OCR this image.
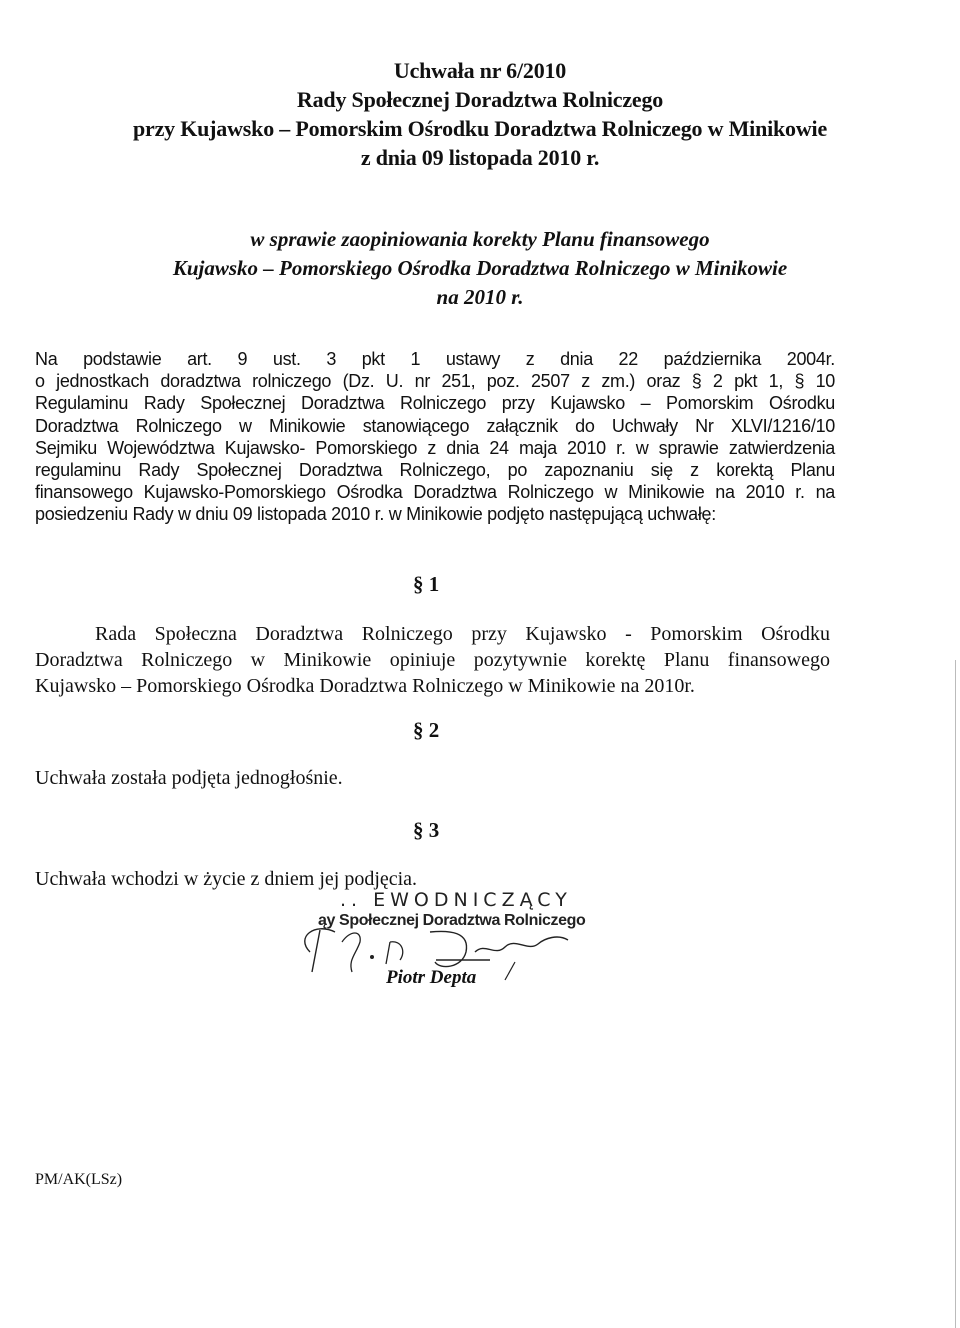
Uchwała nr 6/2010
Rady Społecznej Doradztwa Rolniczego
przy Kujawsko – Pomorskim Ośrodku Doradztwa Rolniczego w Minikowie
z dnia 09 listopada 2010 r.
w sprawie zaopiniowania korekty Planu finansowego
Kujawsko – Pomorskiego Ośrodka Doradztwa Rolniczego w Minikowie
na 2010 r.
Na podstawie art. 9 ust. 3 pkt 1 ustawy z dnia 22 października 2004r.
o jednostkach doradztwa rolniczego (Dz. U. nr 251, poz. 2507 z zm.) oraz § 2 pkt 1, § 10
Regulaminu Rady Społecznej Doradztwa Rolniczego przy Kujawsko – Pomorskim Ośrodku
Doradztwa Rolniczego w Minikowie stanowiącego załącznik do Uchwały Nr XLVI/1216/10
Sejmiku Województwa Kujawsko- Pomorskiego z dnia 24 maja 2010 r. w sprawie zatwierdzenia
regulaminu Rady Społecznej Doradztwa Rolniczego, po zapoznaniu się z korektą Planu
finansowego Kujawsko-Pomorskiego Ośrodka Doradztwa Rolniczego w Minikowie na 2010 r. na
posiedzeniu Rady w dniu 09 listopada 2010 r. w Minikowie podjęto następującą uchwałę:
§ 1
Rada Społeczna Doradztwa Rolniczego przy Kujawsko - Pomorskim Ośrodku
Doradztwa Rolniczego w Minikowie opiniuje pozytywnie korektę Planu finansowego
Kujawsko – Pomorskiego Ośrodka Doradztwa Rolniczego w Minikowie na 2010r.
§ 2
Uchwała została podjęta jednogłośnie.
§ 3
Uchwała wchodzi w życie z dniem jej podjęcia.
.. EWODNICZĄCY
ąy Społecznej Doradztwa Rolniczego
Piotr Depta
PM/AK(LSz)
